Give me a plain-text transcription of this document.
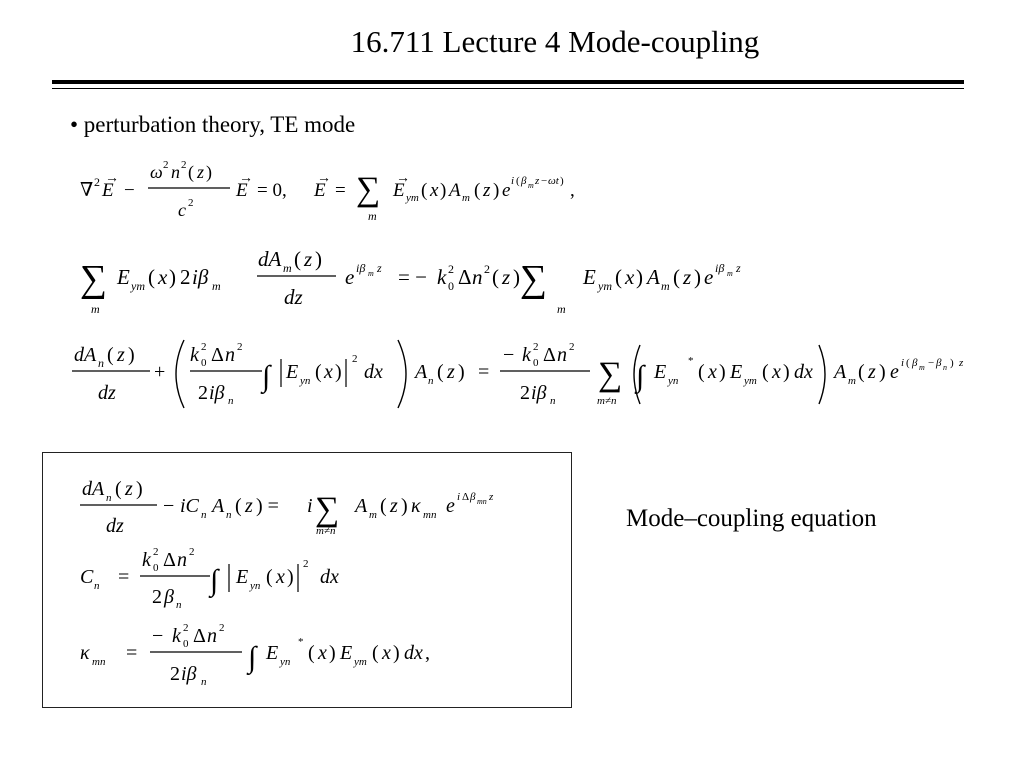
16.711 Lecture 4 Mode-coupling
• perturbation theory, TE mode
Mode–coupling equation
∇ 2 E
→
−
ω 2 n 2 ( z )
c 2
E
→
= 0, E
→
= ∑
m
E
→
ym ( x ) A m ( z ) e i ( β m z − ωt ) ,
∑
m
E ym ( x ) 2 iβ m
dA m ( z )
dz
e iβ m z = − k 0
2 Δ n 2 ( z ) ∑
m
E ym ( x ) A m ( z ) e iβ m z
dA n ( z )
dz
+
k 0
2 Δ n 2
2 iβ n
∫ E yn ( x )
2
dx A n ( z ) =
− k 0
2 Δ n 2
2 iβ n
∑
m≠n
∫ E yn
* ( x ) E ym ( x ) dx A m ( z ) e i ( β m − β n ) z
dA n ( z )
dz
− iC n A n ( z ) = i ∑
m≠n
A m ( z ) κ mn e i Δ β mn z
C n =
k 0
2 Δ n 2
2 β n
∫ E yn ( x )
2
dx
κ mn =
− k 0
2 Δ n 2
2 iβ n
∫ E yn
* ( x ) E ym ( x ) dx ,
